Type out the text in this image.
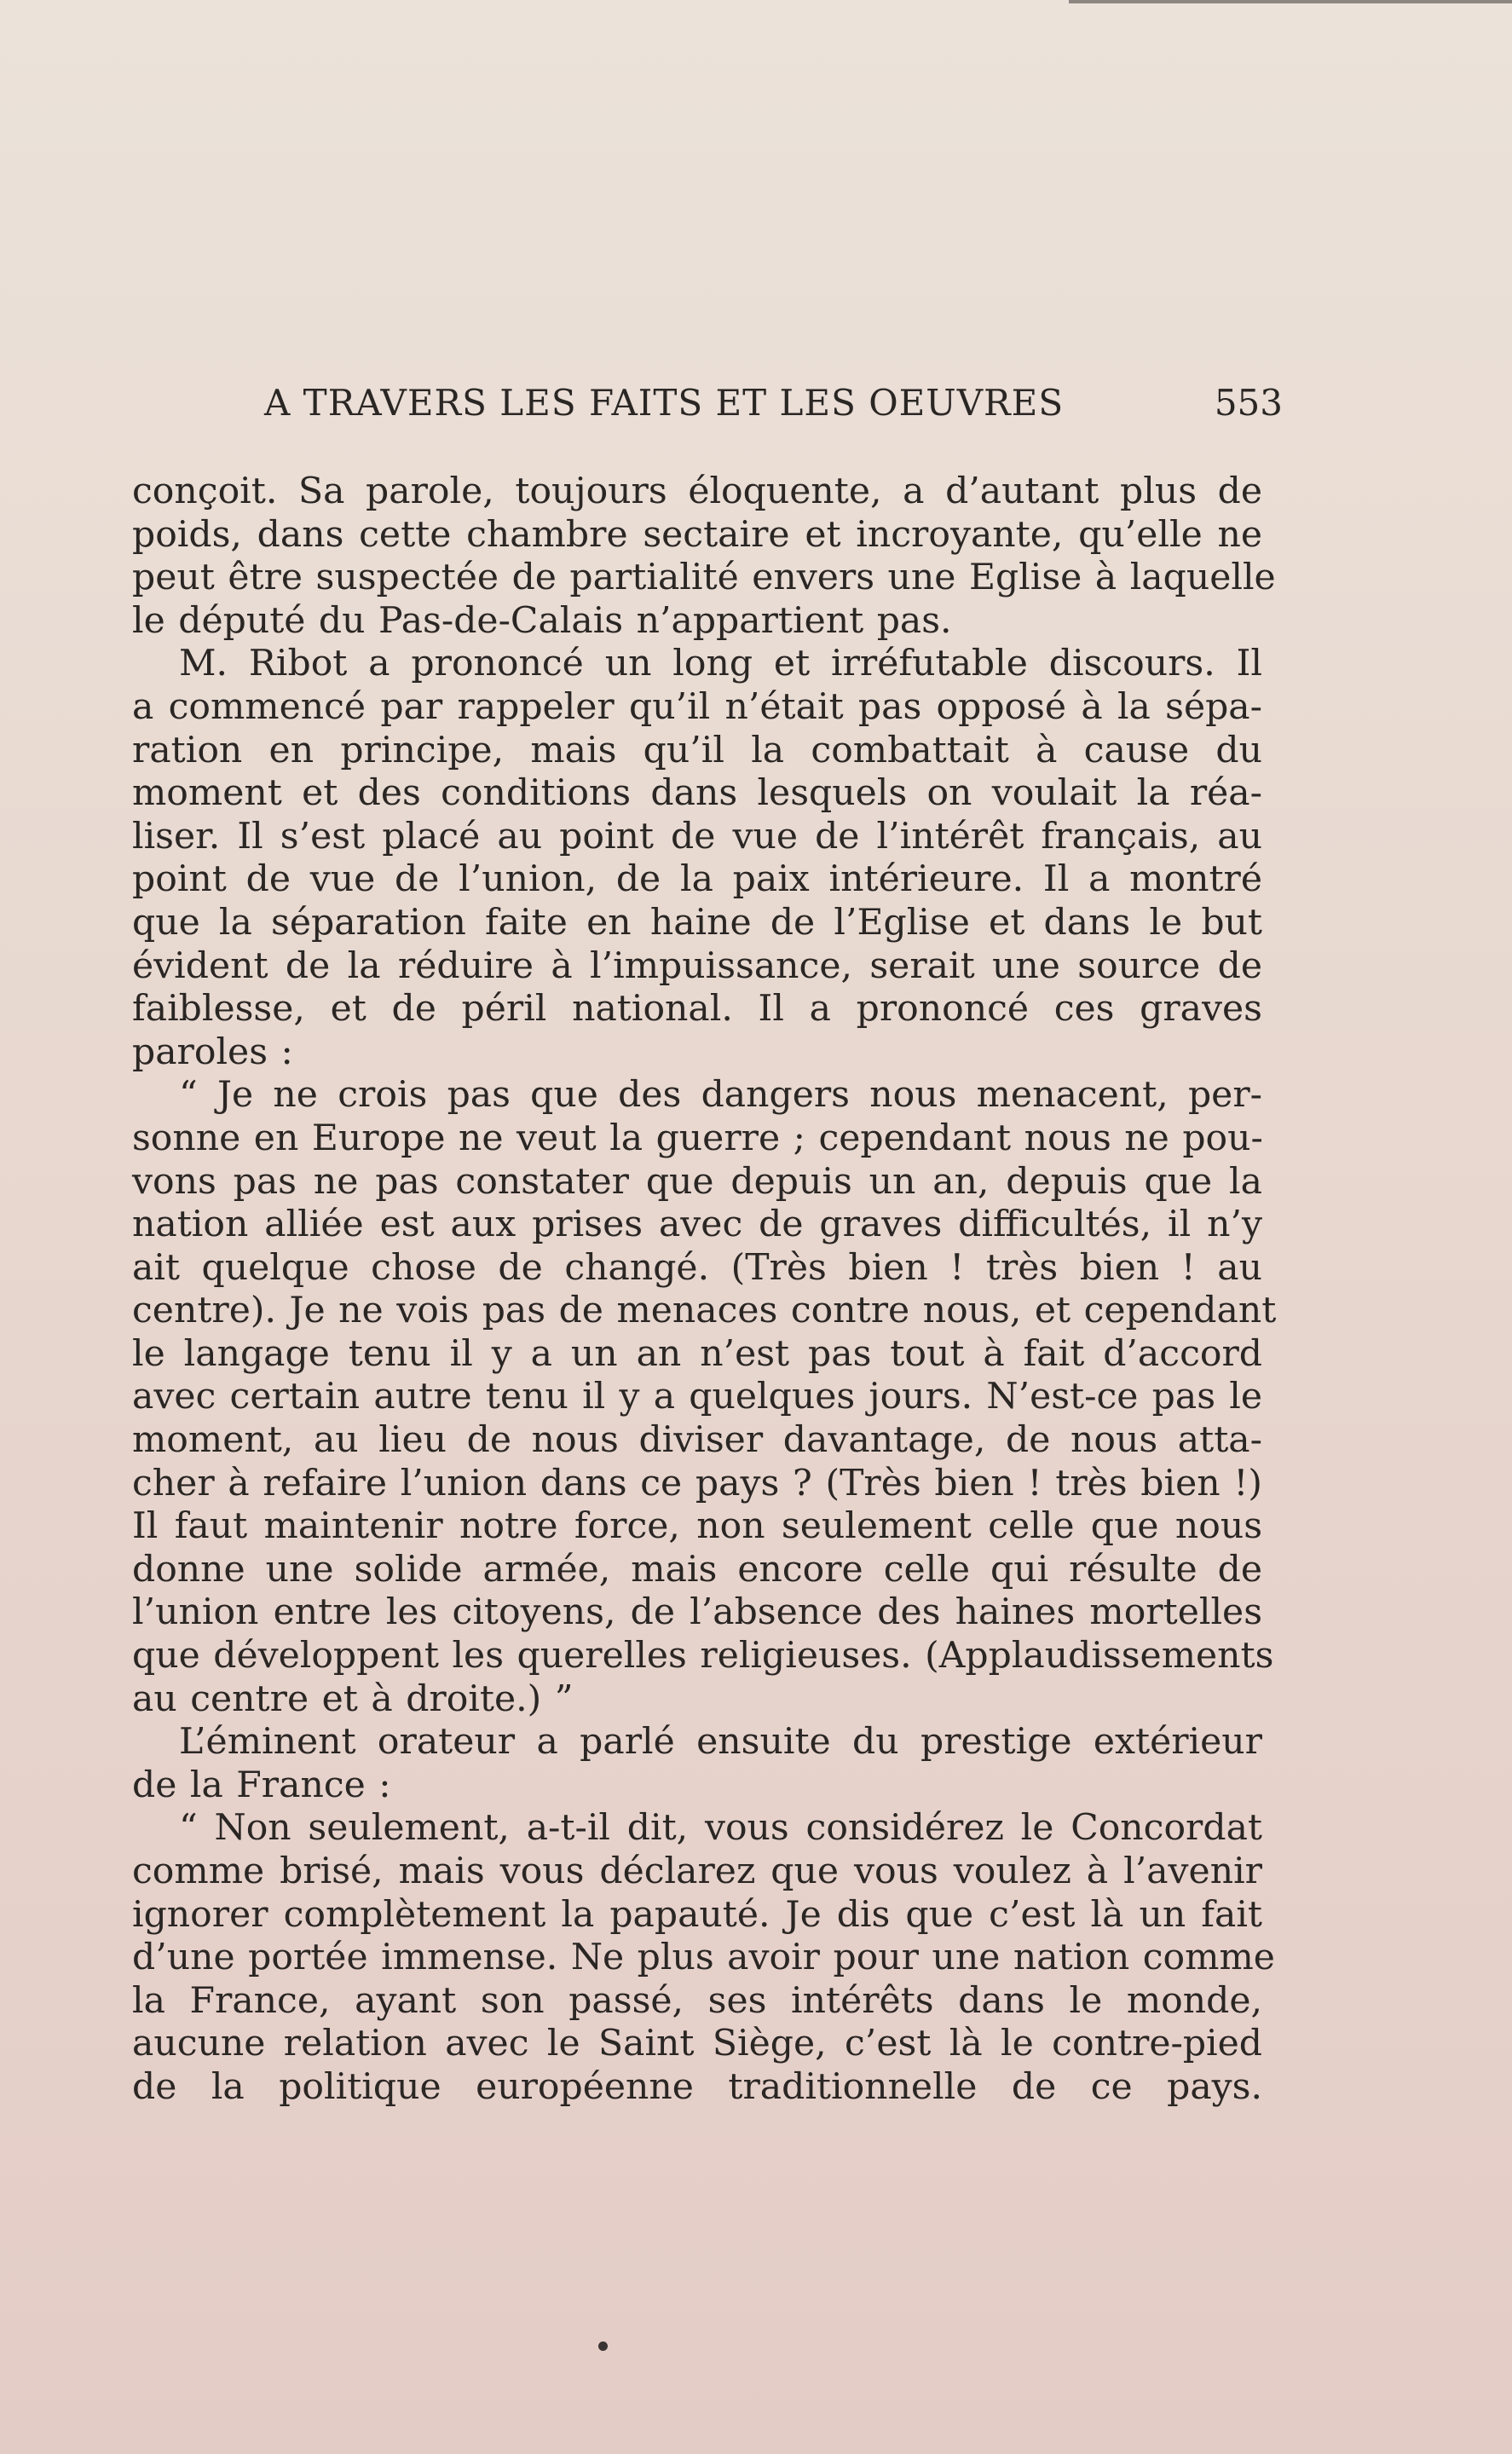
A TRAVERS LES FAITS ET LES OEUVRES	553
conçoit. Sa parole, toujours éloquente, a d’autant plus de
poids, dans cette chambre sectaire et incroyante, qu’elle ne
peut être suspectée de partialité envers une Eglise à laquelle
le député du Pas-de-Calais n’appartient pas.
M. Ribot a prononcé un long et irréfutable discours. Il
a commencé par rappeler qu’il n’était pas opposé à la sépa-
ration en principe, mais qu’il la combattait à cause du
moment et des conditions dans lesquels on voulait la réa-
liser. Il s’est placé au point de vue de l’intérêt français, au
point de vue de l’union, de la paix intérieure. Il a montré
que la séparation faite en haine de l’Eglise et dans le but
évident de la réduire à l’impuissance, serait une source de
faiblesse, et de péril national. Il a prononcé ces graves
paroles :
“ Je ne crois pas que des dangers nous menacent, per-
sonne en Europe ne veut la guerre ; cependant nous ne pou-
vons pas ne pas constater que depuis un an, depuis que la
nation alliée est aux prises avec de graves difficultés, il n’y
ait quelque chose de changé. (Très bien ! très bien ! au
centre). Je ne vois pas de menaces contre nous, et cependant
le langage tenu il y a un an n’est pas tout à fait d’accord
avec certain autre tenu il y a quelques jours. N’est-ce pas le
moment, au lieu de nous diviser davantage, de nous atta-
cher à refaire l’union dans ce pays ? (Très bien ! très bien !)
Il faut maintenir notre force, non seulement celle que nous
donne une solide armée, mais encore celle qui résulte de
l’union entre les citoyens, de l’absence des haines mortelles
que développent les querelles religieuses. (Applaudissements
au centre et à droite.) ”
L’éminent orateur a parlé ensuite du prestige extérieur
de la France :
“ Non seulement, a-t-il dit, vous considérez le Concordat
comme brisé, mais vous déclarez que vous voulez à l’avenir
ignorer complètement la papauté. Je dis que c’est là un fait
d’une portée immense. Ne plus avoir pour une nation comme
la France, ayant son passé, ses intérêts dans le monde,
aucune relation avec le Saint Siège, c’est là le contre-pied
de la politique européenne traditionnelle de ce pays.
